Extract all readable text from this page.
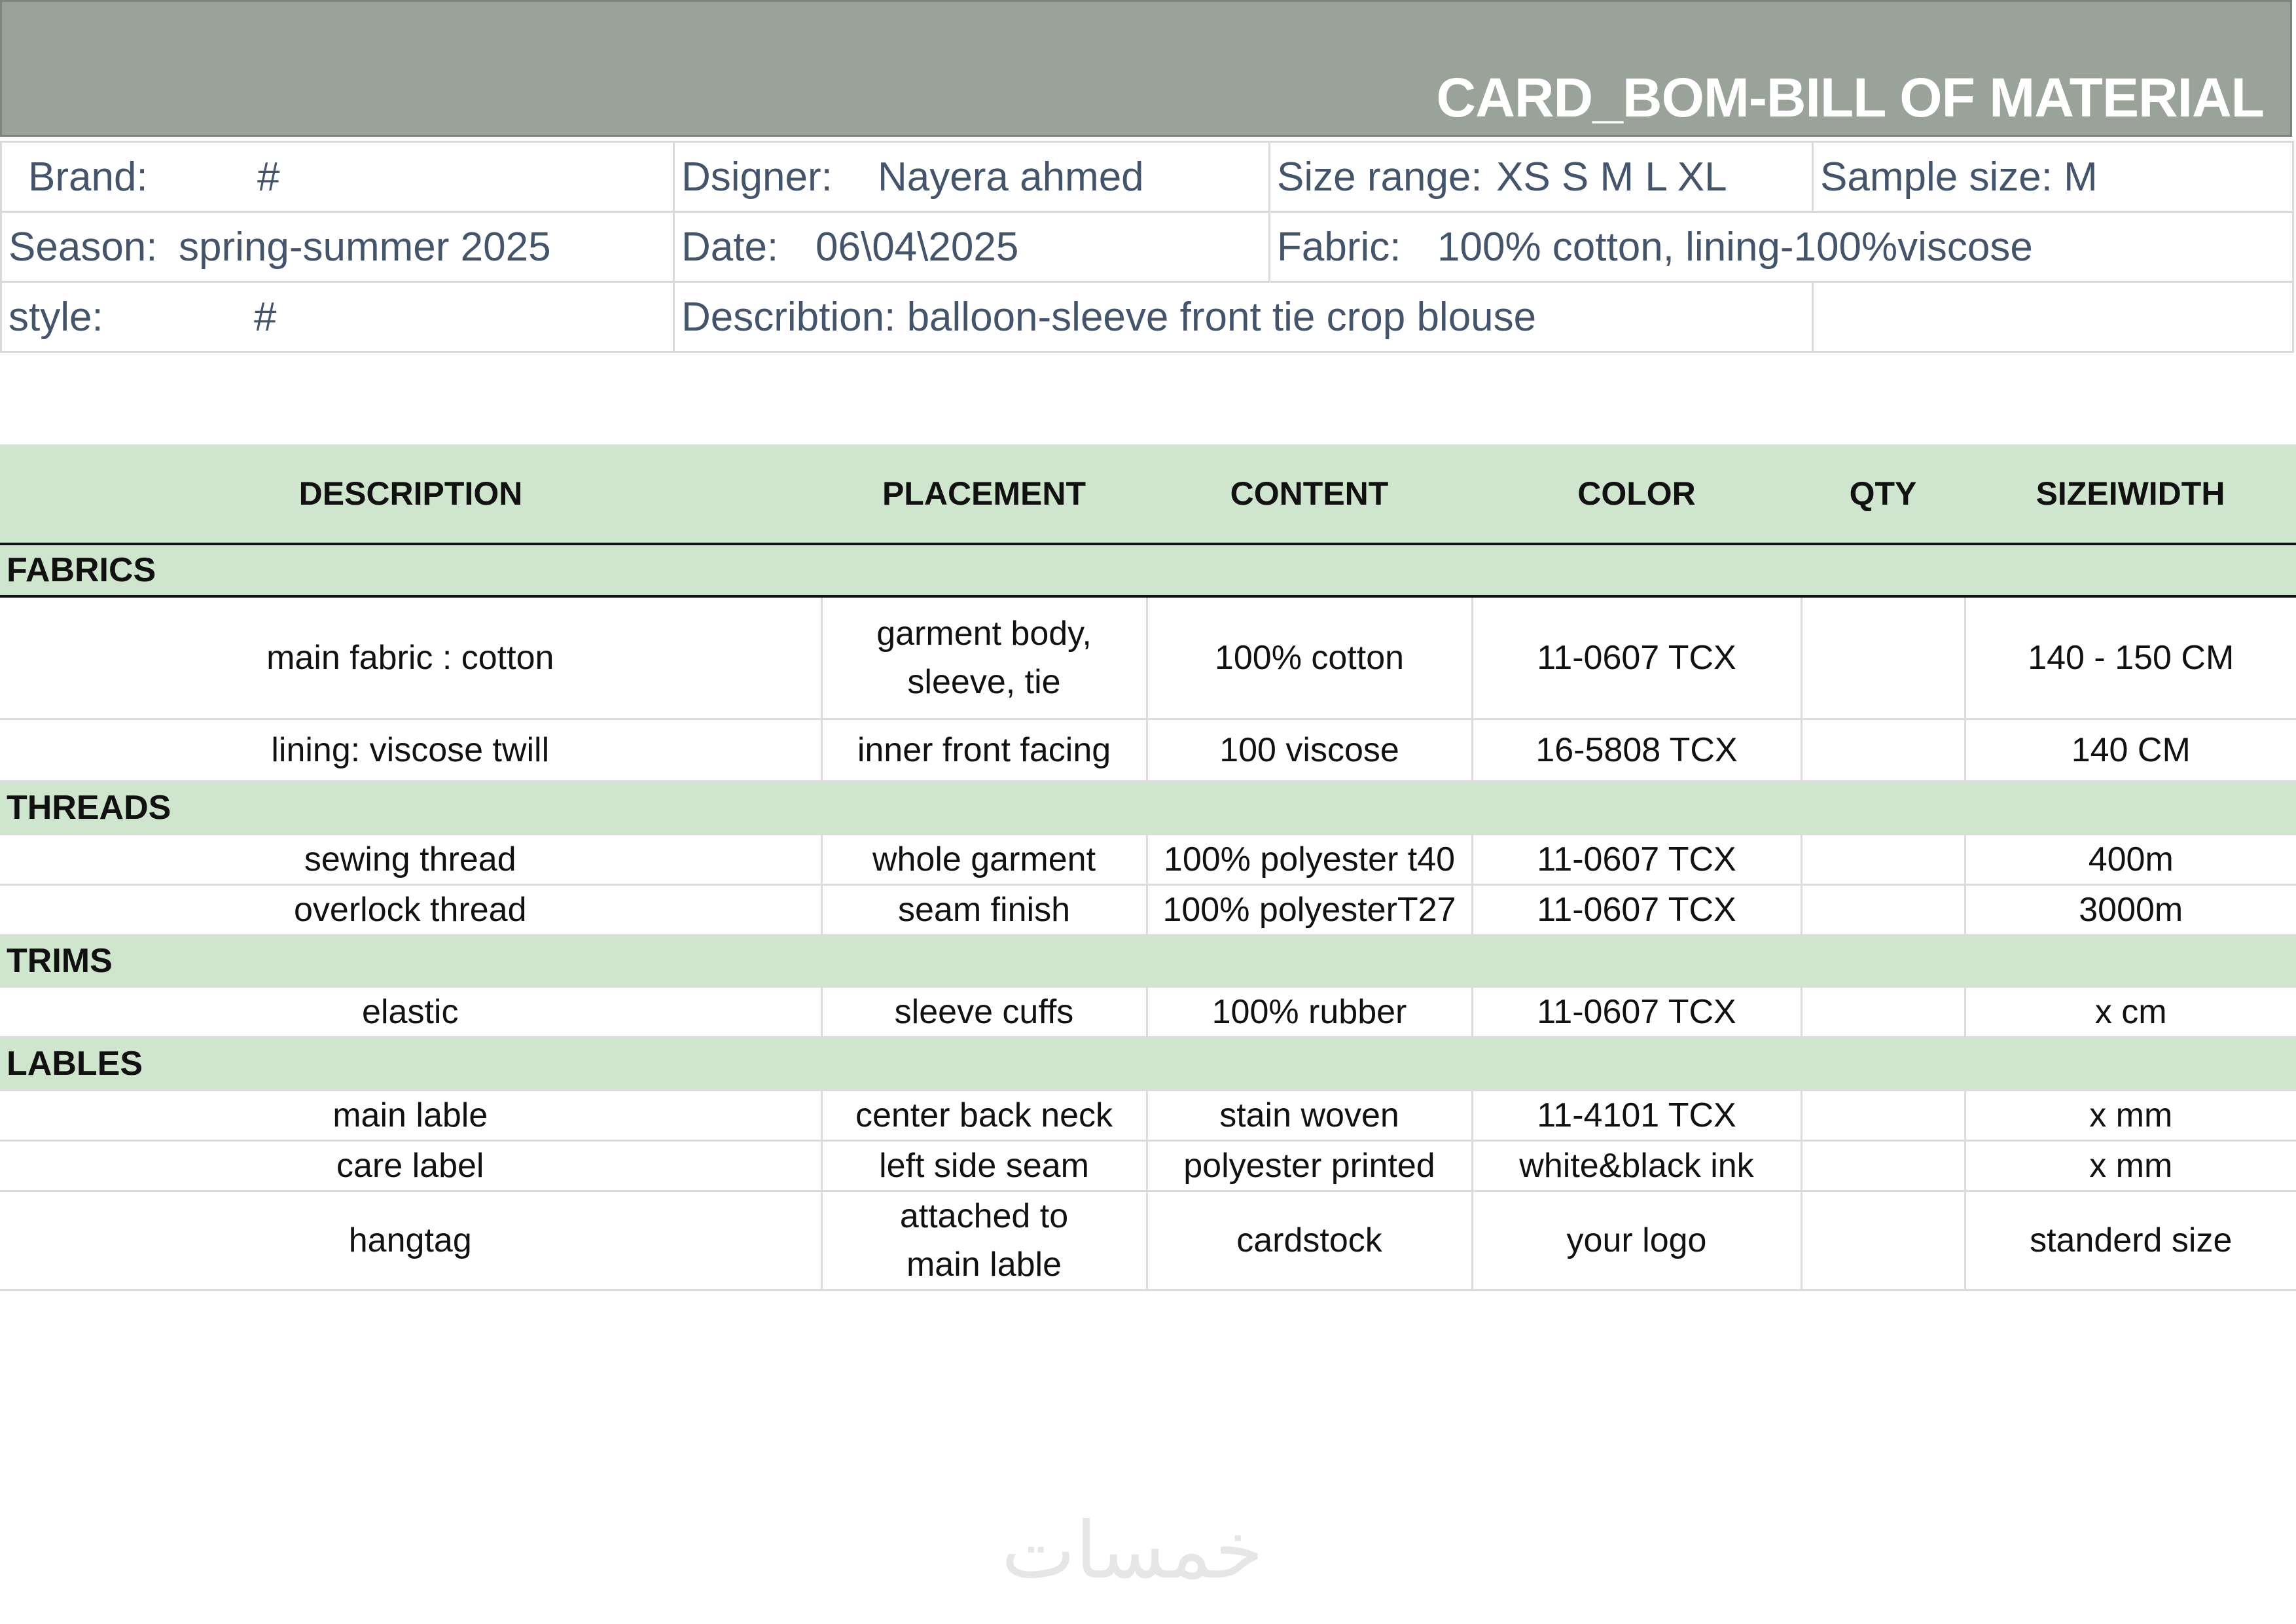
CARD_BOM-BILL OF MATERIAL
Brand: #	Dsigner: Nayera ahmed	Size range: XS S M L XL	Sample size: M
Season: spring-summer 2025	Date: 06\04\2025	Fabric: 100% cotton, lining-100%viscose	
style: #	Describtion: balloon-sleeve front tie crop blouse		
DESCRIPTION	PLACEMENT	CONTENT	COLOR	QTY	SIZEIWIDTH
FABRICS					
main fabric : cotton	garment body, sleeve, tie	100% cotton	11-0607 TCX		140 - 150 CM
lining: viscose twill	inner front facing	100 viscose	16-5808 TCX		140 CM
THREADS					
sewing thread	whole garment	100% polyester t40	11-0607 TCX		400m
overlock thread	seam finish	100% polyesterT27	11-0607 TCX		3000m
TRIMS					
elastic	sleeve cuffs	100% rubber	11-0607 TCX		x cm
LABLES					
main lable	center back neck	stain woven	11-4101 TCX		x mm
care label	left side seam	polyester printed	white&black ink		x mm
hangtag	attached to main lable	cardstock	your logo		standerd size
خمسات
